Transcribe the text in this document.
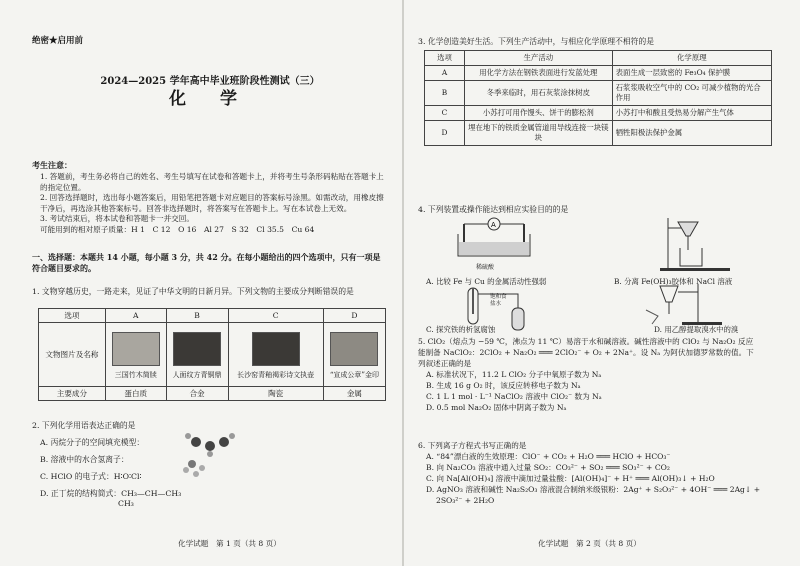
绝密★启用前
2024—2025 学年高中毕业班阶段性测试（三）
化 学
考生注意：

1. 答题前，考生务必将自己的姓名、考生号填写在试卷和答题卡上，并将考生号条形码粘贴在答题卡上的指定位置。

2. 回答选择题时，选出每小题答案后，用铅笔把答题卡对应题目的答案标号涂黑。如需改动，用橡皮擦干净后，再选涂其他答案标号。回答非选择题时，将答案写在答题卡上。写在本试卷上无效。

3. 考试结束后，将本试卷和答题卡一并交回。

可能用到的相对原子质量：H 1　C 12　O 16　Al 27　S 32　Cl 35.5　Cu 64

一、选择题：本题共 14 小题，每小题 3 分，共 42 分。在每小题给出的四个选项中，只有一项是符合题目要求的。
1. 文物穿越历史，一路走来，见证了中华文明的日新月异。下列文物的主要成分判断错误的是
选项	A	B	C	D
文物图片及名称	三国竹木简牍	人面纹方青铜鼎	长沙窑青釉褐彩诗文执壶	“宣成公章”金印

主要成分	蛋白质	合金	陶瓷	金属
2. 下列化学用语表达正确的是
A. 丙烷分子的空间填充模型：
B. 溶液中的水合氢离子：
C. HClO 的电子式：H∶O∶Cl∶
D. 正丁烷的结构简式：CH₃—CH—CH₃
CH₃
化学试题　第 1 页（共 8 页）
3. 化学创造美好生活。下列生产活动中，与相应化学原理不相符的是
选项	生产活动	化学原理
A	用化学方法在钢铁表面进行发蓝处理	表面生成一层致密的 Fe₃O₄ 保护膜
B	冬季来临时，用石灰浆涂抹树皮	石浆浆吸收空气中的 CO₂ 可减少植物的光合作用
C	小苏打可用作馒头、饼干的膨松剂	小苏打中和酸且受热易分解产生气体
D	埋在地下的铁质金属管道用导线连接一块镁块	牺牲阳极法保护金属
4. 下列装置或操作能达到相应实验目的的是
A
稀硫酸
A. 比较 Fe 与 Cu 的金属活动性强弱	B. 分离 Fe(OH)₃胶体和 NaCl 溶液
饱和食盐水
C. 探究铁的析氢腐蚀	D. 用乙醇提取溴水中的溴
5. ClO₂（熔点为 −59 ℃，沸点为 11 ℃）易溶于水和碱溶液。碱性溶液中的 ClO₂ 与 Na₂O₂ 反应
能制备 NaClO₂：2ClO₂ + Na₂O₂ ═══ 2ClO₂⁻ + O₂ + 2Na⁺。设 Nₐ 为阿伏加德罗常数的值。下
列叙述正确的是
A. 标准状况下，11.2 L ClO₂ 分子中氧原子数为 Nₐ
B. 生成 16 g O₂ 时，该反应转移电子数为 Nₐ
C. 1 L 1 mol · L⁻¹ NaClO₂ 溶液中 ClO₂⁻ 数为 Nₐ
D. 0.5 mol Na₂O₂ 固体中阴离子数为 Nₐ
6. 下列离子方程式书写正确的是
A. “84”漂白液的生效原理：ClO⁻ + CO₂ + H₂O ═══ HClO + HCO₃⁻
B. 向 Na₂CO₃ 溶液中通入过量 SO₂：CO₃²⁻ + SO₂ ═══ SO₃²⁻ + CO₂
C. 向 Na[Al(OH)₄] 溶液中滴加过量盐酸：[Al(OH)₄]⁻ + H⁺ ═══ Al(OH)₃↓ + H₂O
D. AgNO₃ 溶液和碱性 Na₂S₂O₃ 溶液混合制纳米级银粉：2Ag⁺ + S₂O₃²⁻ + 4OH⁻ ═══ 2Ag↓ +
　 2SO₃²⁻ + 2H₂O
化学试题　第 2 页（共 8 页）
